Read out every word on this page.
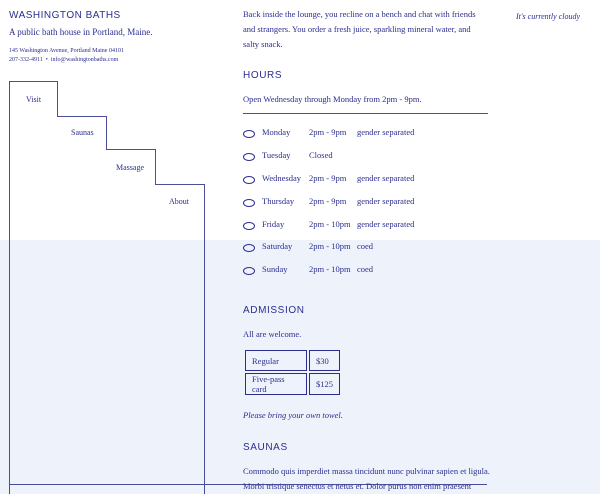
WASHINGTON BATHS
A public bath house in Portland, Maine.
145 Washington Avenue, Portland Maine 04101
207-332-4911 • info@washingtonbaths.com
Visit
Saunas
Massage
About
It's currently cloudy
Back inside the lounge, you recline on a bench and chat with friends and strangers. You order a fresh juice, sparkling mineral water, and salty snack.
HOURS
Open Wednesday through Monday from 2pm - 9pm.
Monday 2pm - 9pm gender separated
Tuesday Closed
Wednesday 2pm - 9pm gender separated
Thursday 2pm - 9pm gender separated
Friday	2pm - 10pm gender separated
Saturday 2pm - 10pm coed
Sunday	2pm - 10pm coed
ADMISSION
All are welcome.
Regular	$30
Five-pass card	$125
Please bring your own towel.
SAUNAS
Commodo quis imperdiet massa tincidunt nunc pulvinar sapien et ligula.
